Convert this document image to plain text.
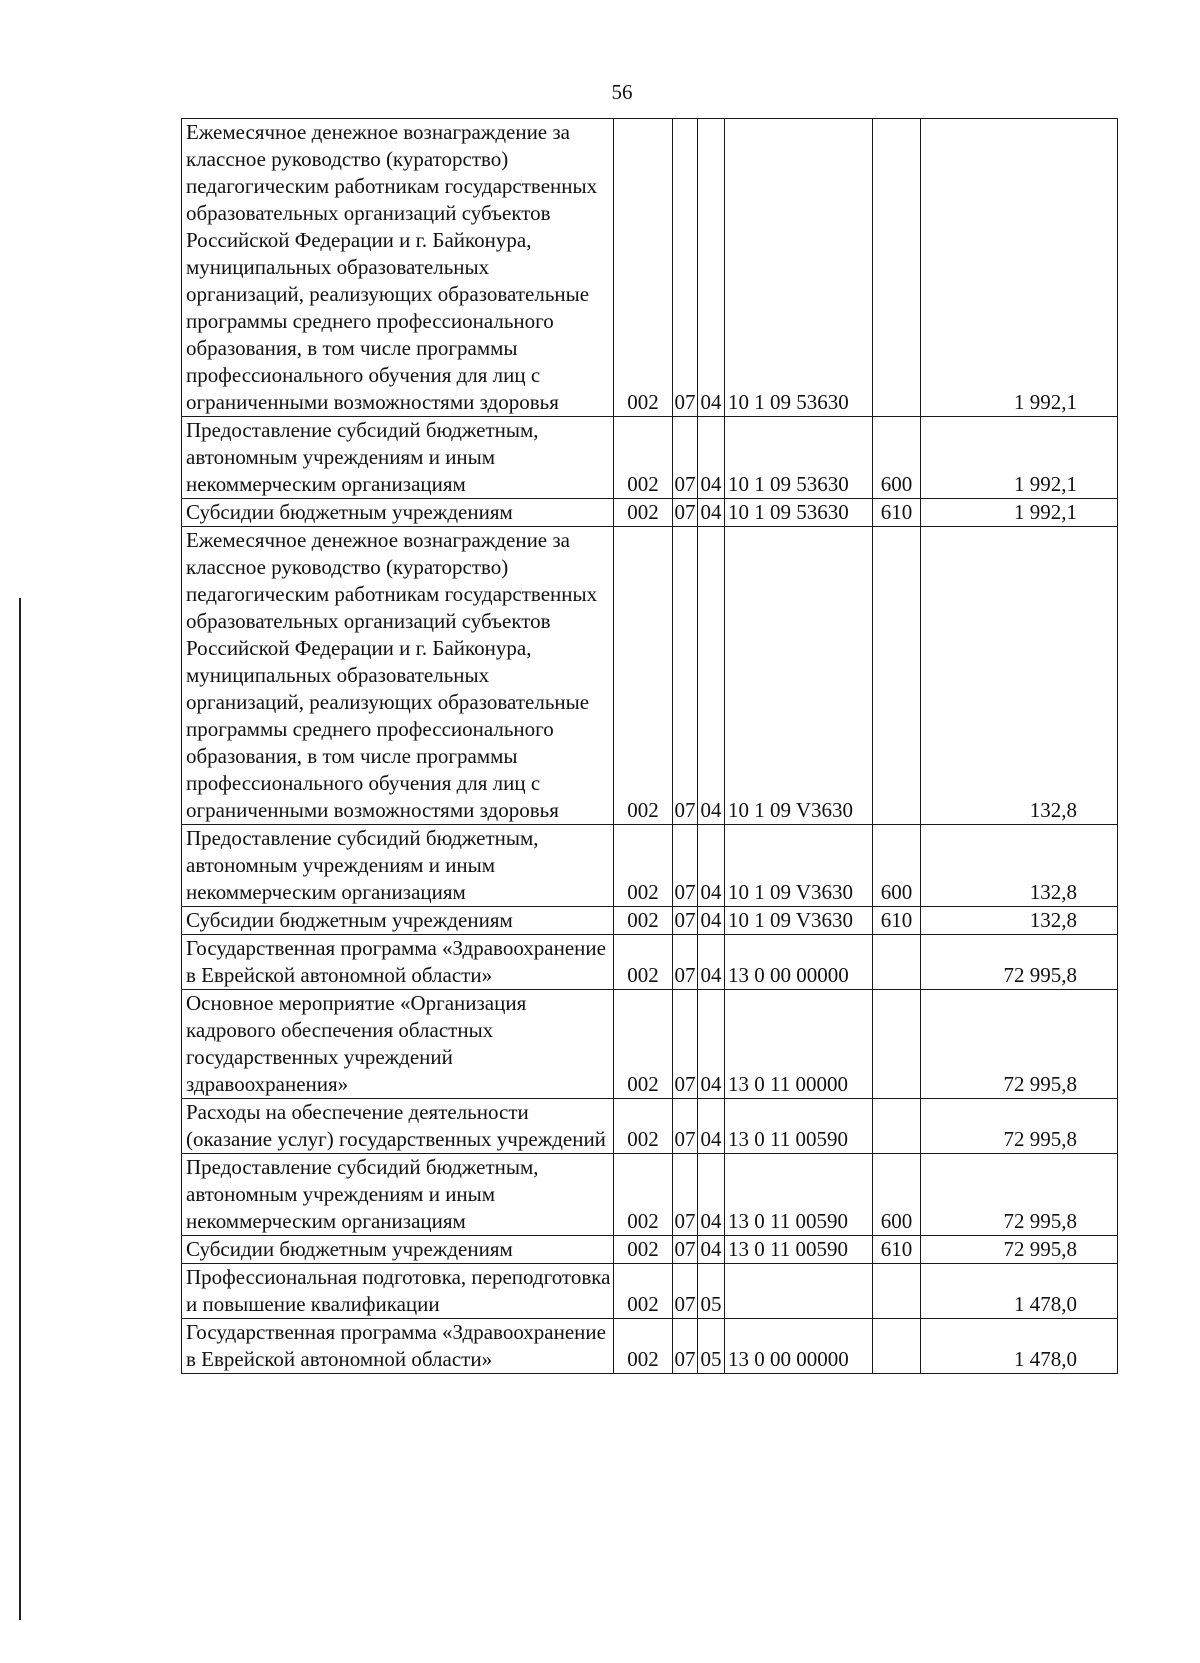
56
Ежемесячное денежное вознаграждение за классное руководство (кураторство) педагогическим работникам государственных образовательных организаций субъектов Российской Федерации и г. Байконура, муниципальных образовательных организаций, реализующих образовательные программы среднего профессионального образования, в том числе программы профессионального обучения для лиц с ограниченными возможностями здоровья	002	07	04	10 1 09 53630		1 992,1
Предоставление субсидий бюджетным, автономным учреждениям и иным некоммерческим организациям	002	07	04	10 1 09 53630	600	1 992,1
Субсидии бюджетным учреждениям	002	07	04	10 1 09 53630	610	1 992,1
Ежемесячное денежное вознаграждение за классное руководство (кураторство) педагогическим работникам государственных образовательных организаций субъектов Российской Федерации и г. Байконура, муниципальных образовательных организаций, реализующих образовательные программы среднего профессионального образования, в том числе программы профессионального обучения для лиц с ограниченными возможностями здоровья	002	07	04	10 1 09 V3630		132,8
Предоставление субсидий бюджетным, автономным учреждениям и иным некоммерческим организациям	002	07	04	10 1 09 V3630	600	132,8
Субсидии бюджетным учреждениям	002	07	04	10 1 09 V3630	610	132,8
Государственная программа «Здравоохранение в Еврейской автономной области»	002	07	04	13 0 00 00000		72 995,8
Основное мероприятие «Организация кадрового обеспечения областных государственных учреждений здравоохранения»	002	07	04	13 0 11 00000		72 995,8
Расходы на обеспечение деятельности (оказание услуг) государственных учреждений	002	07	04	13 0 11 00590		72 995,8
Предоставление субсидий бюджетным, автономным учреждениям и иным некоммерческим организациям	002	07	04	13 0 11 00590	600	72 995,8
Субсидии бюджетным учреждениям	002	07	04	13 0 11 00590	610	72 995,8
Профессиональная подготовка, переподготовка и повышение квалификации	002	07	05			1 478,0
Государственная программа «Здравоохранение в Еврейской автономной области»	002	07	05	13 0 00 00000		1 478,0
